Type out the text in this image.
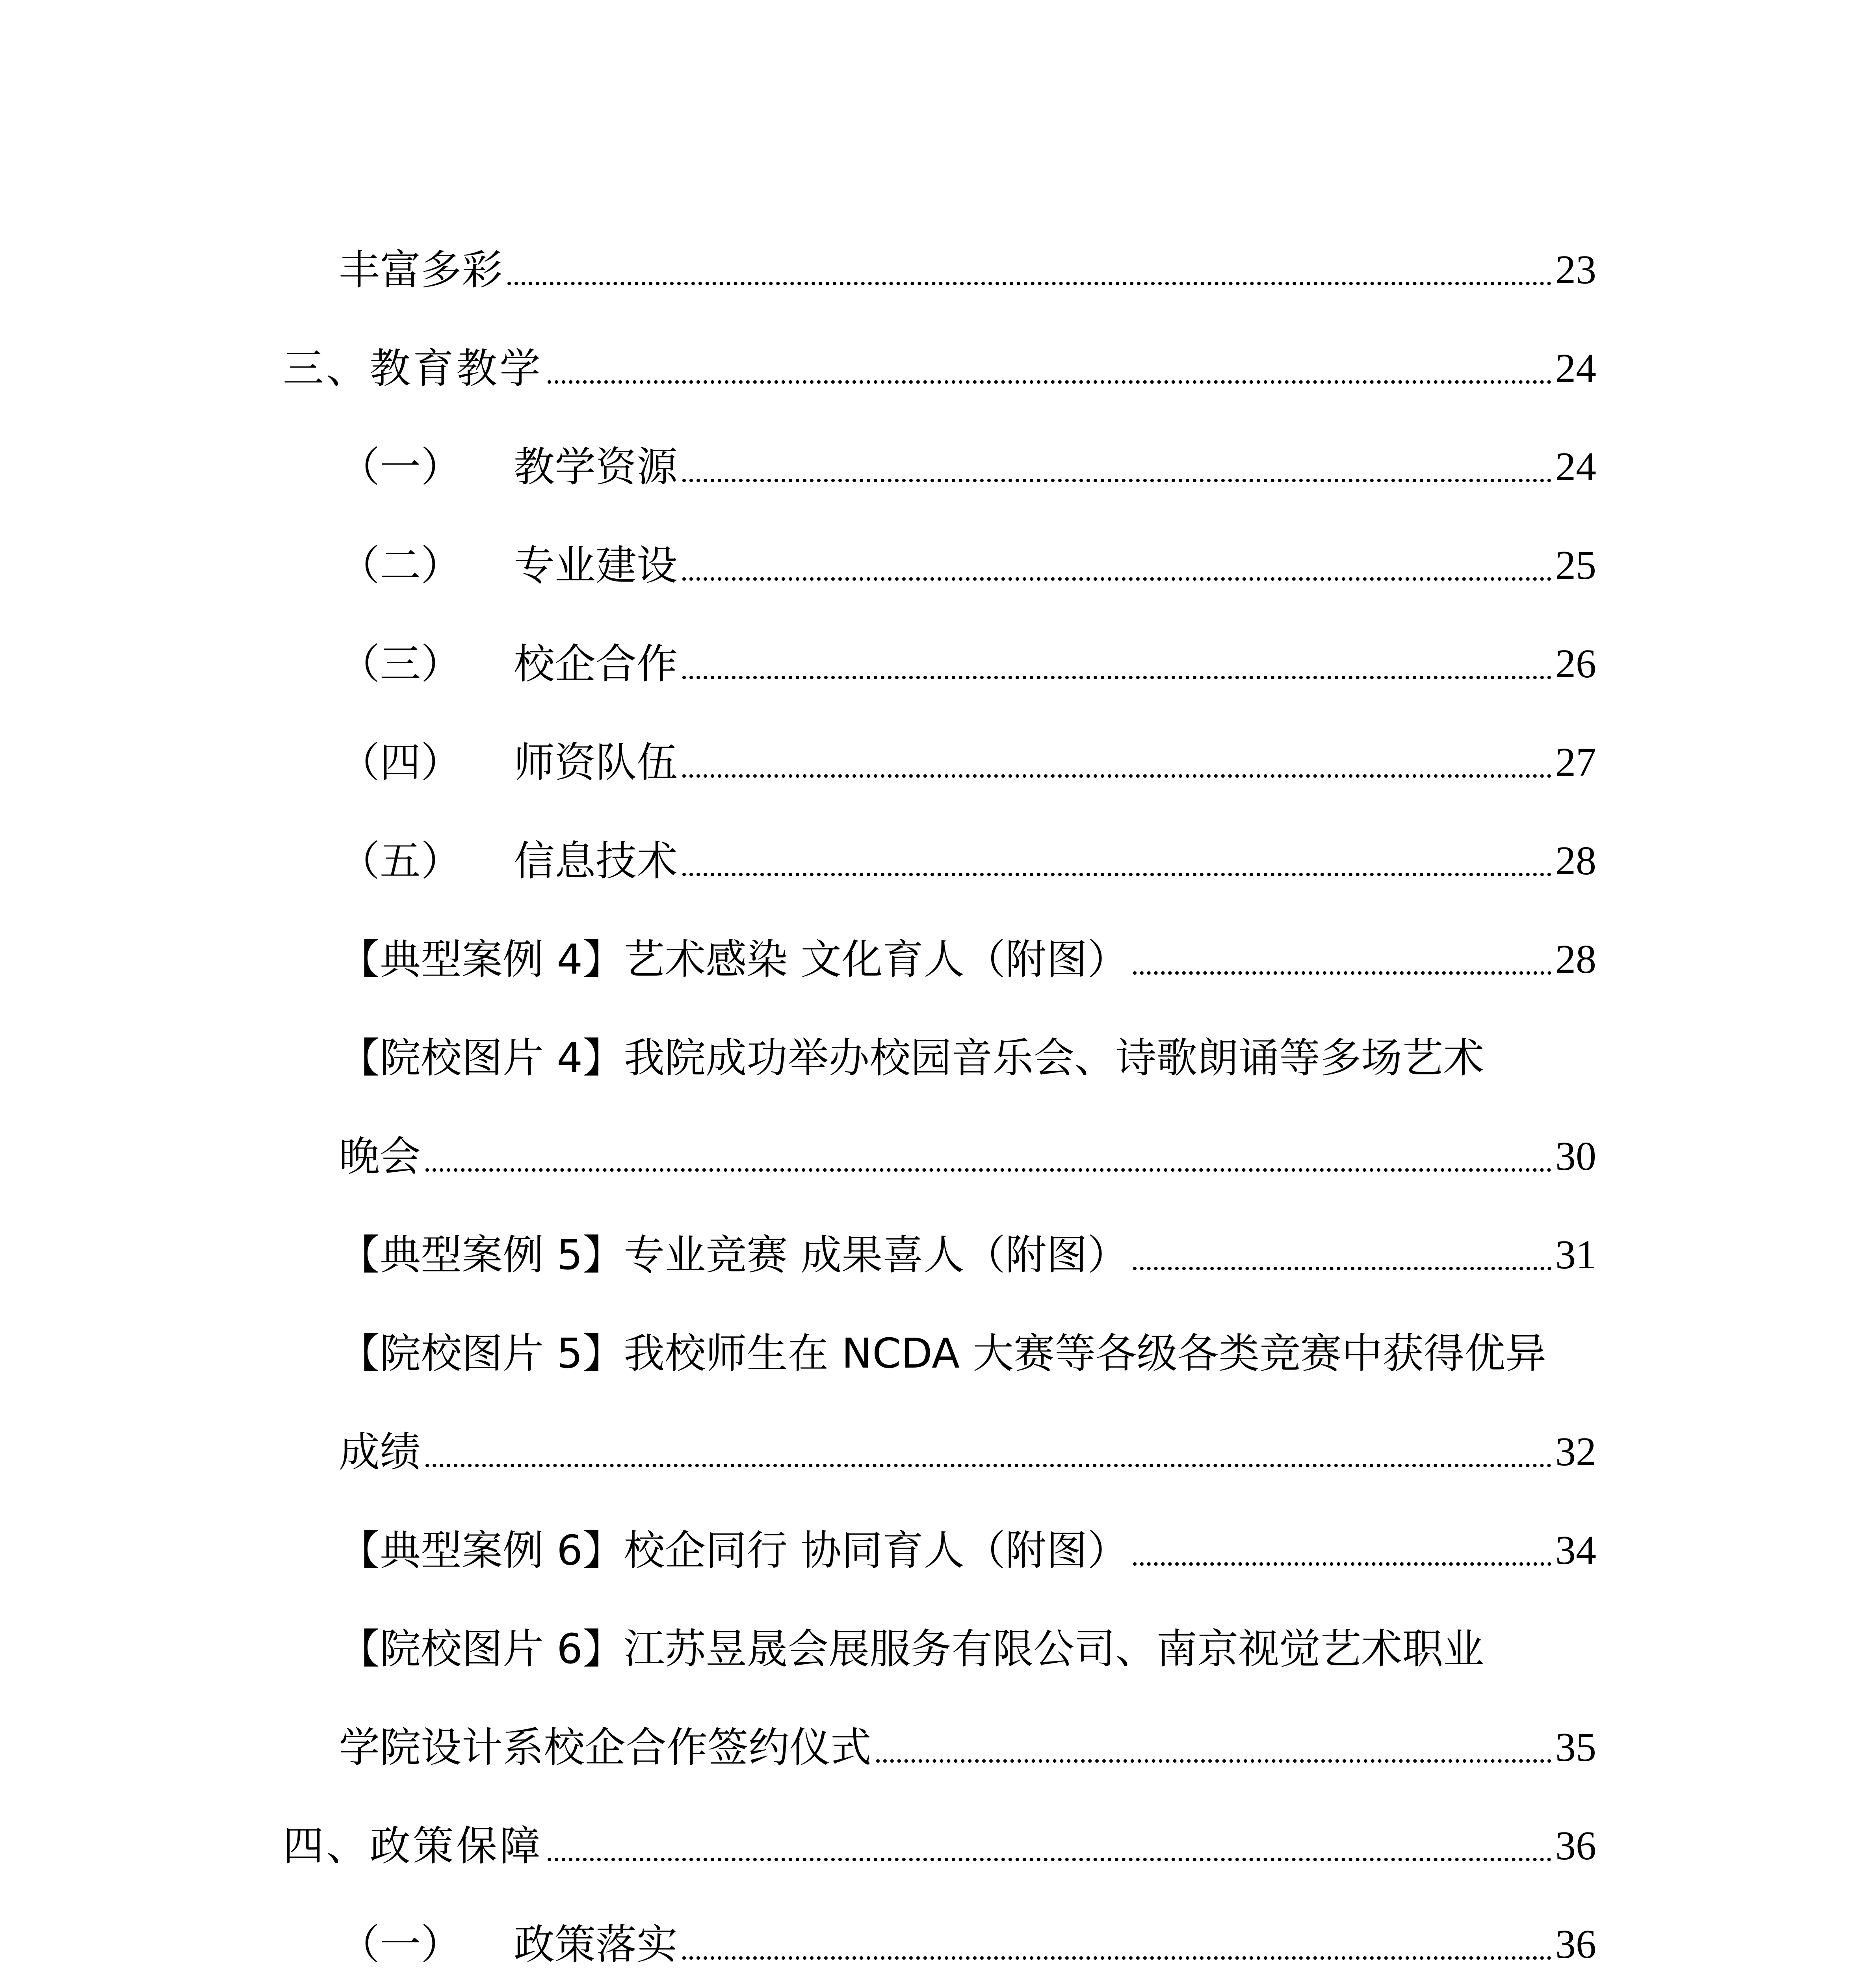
丰富多彩	23
三、教育教学	24
（一） 教学资源	24
（二） 专业建设	25
（三） 校企合作	26
（四） 师资队伍	27
（五） 信息技术	28
【典型案例 4】艺术感染 文化育人（附图）	28
【院校图片 4】我院成功举办校园音乐会、诗歌朗诵等多场艺术
晚会	30
【典型案例 5】专业竞赛 成果喜人（附图）	31
【院校图片 5】我校师生在 NCDA 大赛等各级各类竞赛中获得优异
成绩	32
【典型案例 6】校企同行 协同育人（附图）	34
【院校图片 6】江苏昱晟会展服务有限公司、南京视觉艺术职业
学院设计系校企合作签约仪式	35
四、政策保障	36
（一） 政策落实	36
